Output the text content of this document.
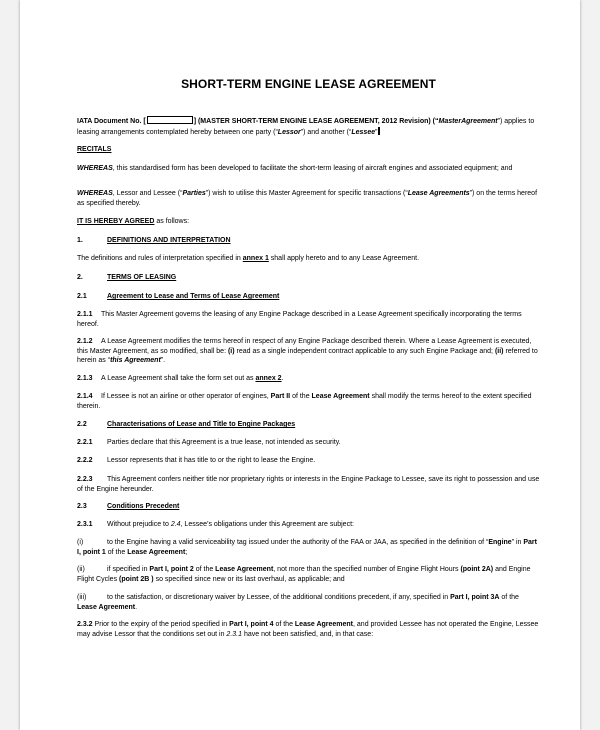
SHORT-TERM ENGINE LEASE AGREEMENT

IATA Document No. [	] (MASTER SHORT-TERM ENGINE LEASE AGREEMENT, 2012 Revision) (“MasterAgreement”) applies to leasing arrangements contemplated hereby between one party (“Lessor”) and another (“Lessee”

RECITALS

WHEREAS, this standardised form has been developed to facilitate the short-term leasing of aircraft engines and associated equipment; and

WHEREAS, Lessor and Lessee (“Parties”) wish to utilise this Master Agreement for specific transactions (“Lease Agreements”) on the terms hereof as specified thereby.

IT IS HEREBY AGREED as follows:

1.	DEFINITIONS AND INTERPRETATION

The definitions and rules of interpretation specified in annex 1 shall apply hereto and to any Lease Agreement.

2.	TERMS OF LEASING

2.1	Agreement to Lease and Terms of Lease Agreement

2.1.1 This Master Agreement governs the leasing of any Engine Package described in a Lease Agreement specifically incorporating the terms hereof.

2.1.2 A Lease Agreement modifies the terms hereof in respect of any Engine Package described therein. Where a Lease Agreement is executed, this Master Agreement, as so modified, shall be: (i) read as a single independent contract applicable to any such Engine Package and; (ii) referred to herein as “this Agreement”.

2.1.3 A Lease Agreement shall take the form set out as annex 2.

2.1.4 If Lessee is not an airline or other operator of engines, Part II of the Lease Agreement shall modify the terms hereof to the extent specified therein.

2.2	Characterisations of Lease and Title to Engine Packages

2.2.1 Parties declare that this Agreement is a true lease, not intended as security.

2.2.2 Lessor represents that it has title to or the right to lease the Engine.

2.2.3 This Agreement confers neither title nor proprietary rights or interests in the Engine Package to Lessee, save its right to possession and use of the Engine hereunder.

2.3	Conditions Precedent

2.3.1 Without prejudice to 2.4, Lessee’s obligations under this Agreement are subject:

(i)	to the Engine having a valid serviceability tag issued under the authority of the FAA or JAA, as specified in the definition of “Engine” in Part I, point 1 of the Lease Agreement;

(ii)	if specified in Part I, point 2 of the Lease Agreement, not more than the specified number of Engine Flight Hours (point 2A) and Engine Flight Cycles (point 2B ) so specified since new or its last overhaul, as applicable; and

(iii)	to the satisfaction, or discretionary waiver by Lessee, of the additional conditions precedent, if any, specified in Part I, point 3A of the Lease Agreement.

2.3.2 Prior to the expiry of the period specified in Part I, point 4 of the Lease Agreement, and provided Lessee has not operated the Engine, Lessee may advise Lessor that the conditions set out in 2.3.1 have not been satisfied, and, in that case:
